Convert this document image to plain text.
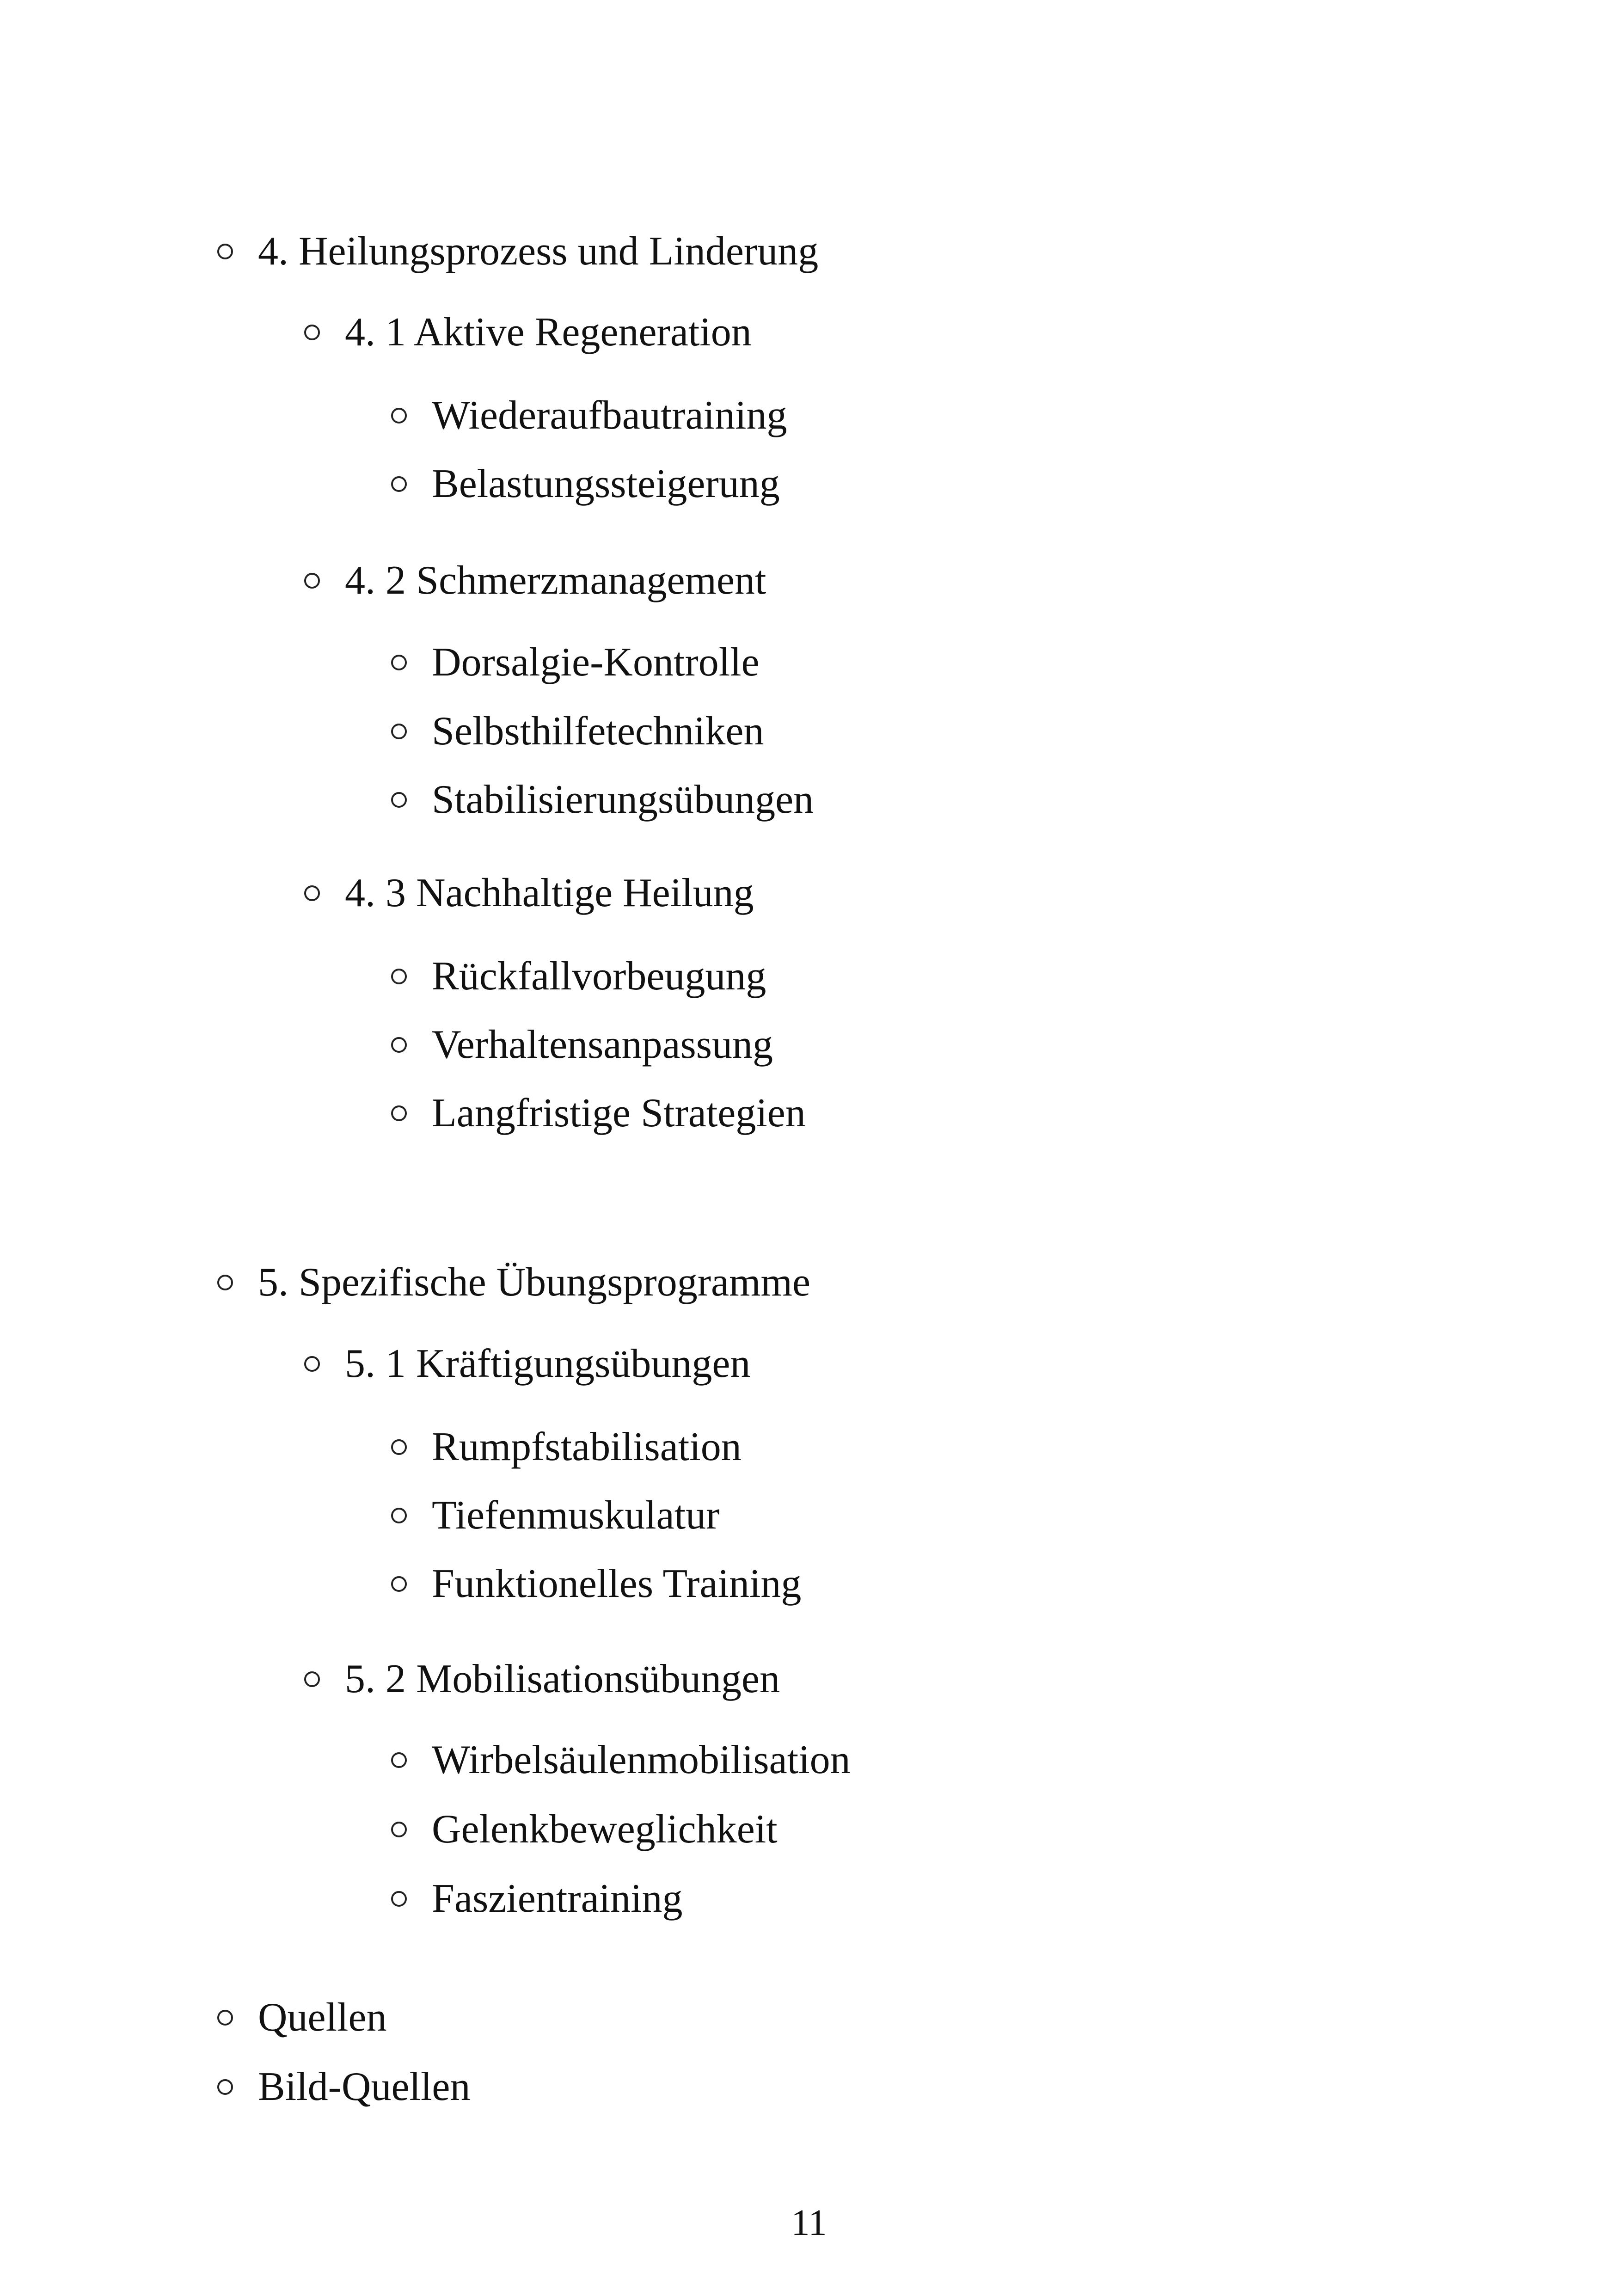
4. Heilungsprozess und Linderung
4. 1 Aktive Regeneration
Wiederaufbautraining
Belastungssteigerung
4. 2 Schmerzmanagement
Dorsalgie-Kontrolle
Selbsthilfetechniken
Stabilisierungsübungen
4. 3 Nachhaltige Heilung
Rückfallvorbeugung
Verhaltensanpassung
Langfristige Strategien
5. Spezifische Übungsprogramme
5. 1 Kräftigungsübungen
Rumpfstabilisation
Tiefenmuskulatur
Funktionelles Training
5. 2 Mobilisationsübungen
Wirbelsäulenmobilisation
Gelenkbeweglichkeit
Faszientraining
Quellen
Bild-Quellen
11
